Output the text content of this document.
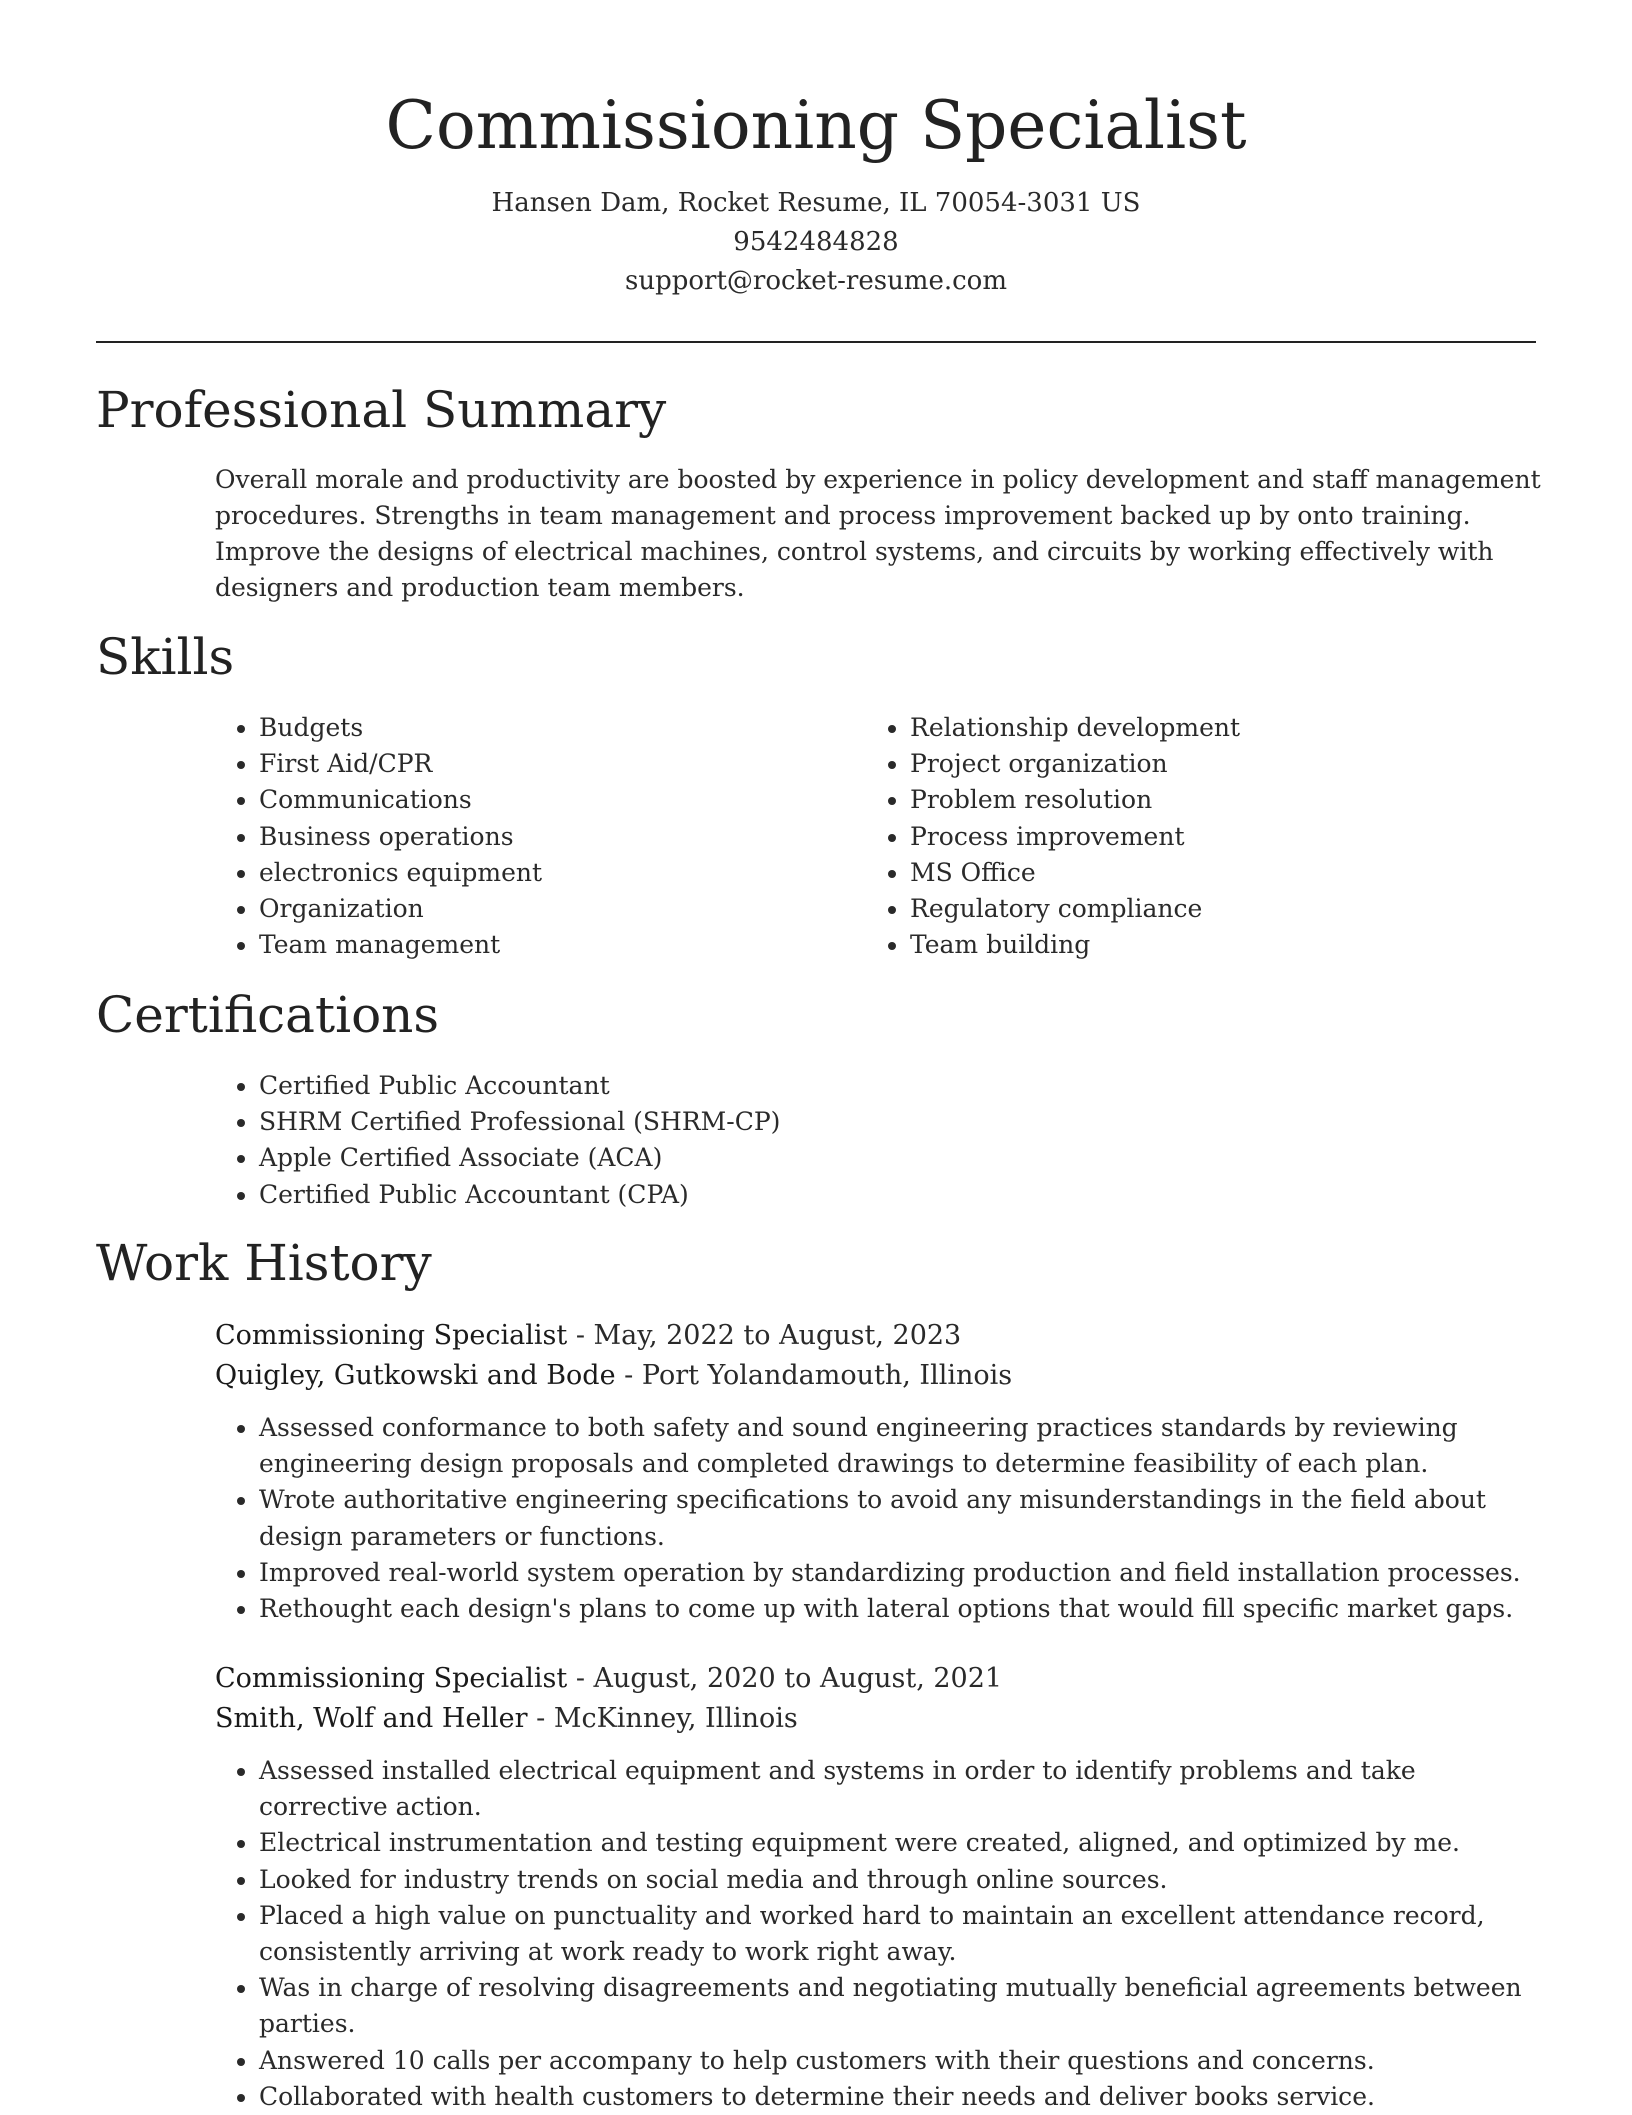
Commissioning Specialist
Hansen Dam, Rocket Resume, IL 70054-3031 US
9542484828
support@rocket-resume.com
Professional Summary

Overall morale and productivity are boosted by experience in policy development and staff management procedures. Strengths in team management and process improvement backed up by onto training. Improve the designs of electrical machines, control systems, and circuits by working effectively with designers and production team members.

Skills
• Budgets
• First Aid/CPR
• Communications
• Business operations
• electronics equipment
• Organization
• Team management
• Relationship development
• Project organization
• Problem resolution
• Process improvement
• MS Office
• Regulatory compliance
• Team building
Certifications
• Certified Public Accountant
• SHRM Certified Professional (SHRM-CP)
• Apple Certified Associate (ACA)
• Certified Public Accountant (CPA)
Work History
Commissioning Specialist - May, 2022 to August, 2023
Quigley, Gutkowski and Bode - Port Yolandamouth, Illinois
• Assessed conformance to both safety and sound engineering practices standards by reviewing engineering design proposals and completed drawings to determine feasibility of each plan.
• Wrote authoritative engineering specifications to avoid any misunderstandings in the field about design parameters or functions.
• Improved real-world system operation by standardizing production and field installation processes.
• Rethought each design's plans to come up with lateral options that would fill specific market gaps.
Commissioning Specialist - August, 2020 to August, 2021
Smith, Wolf and Heller - McKinney, Illinois
• Assessed installed electrical equipment and systems in order to identify problems and take corrective action.
• Electrical instrumentation and testing equipment were created, aligned, and optimized by me.
• Looked for industry trends on social media and through online sources.
• Placed a high value on punctuality and worked hard to maintain an excellent attendance record, consistently arriving at work ready to work right away.
• Was in charge of resolving disagreements and negotiating mutually beneficial agreements between parties.
• Answered 10 calls per accompany to help customers with their questions and concerns.
• Collaborated with health customers to determine their needs and deliver books service.
